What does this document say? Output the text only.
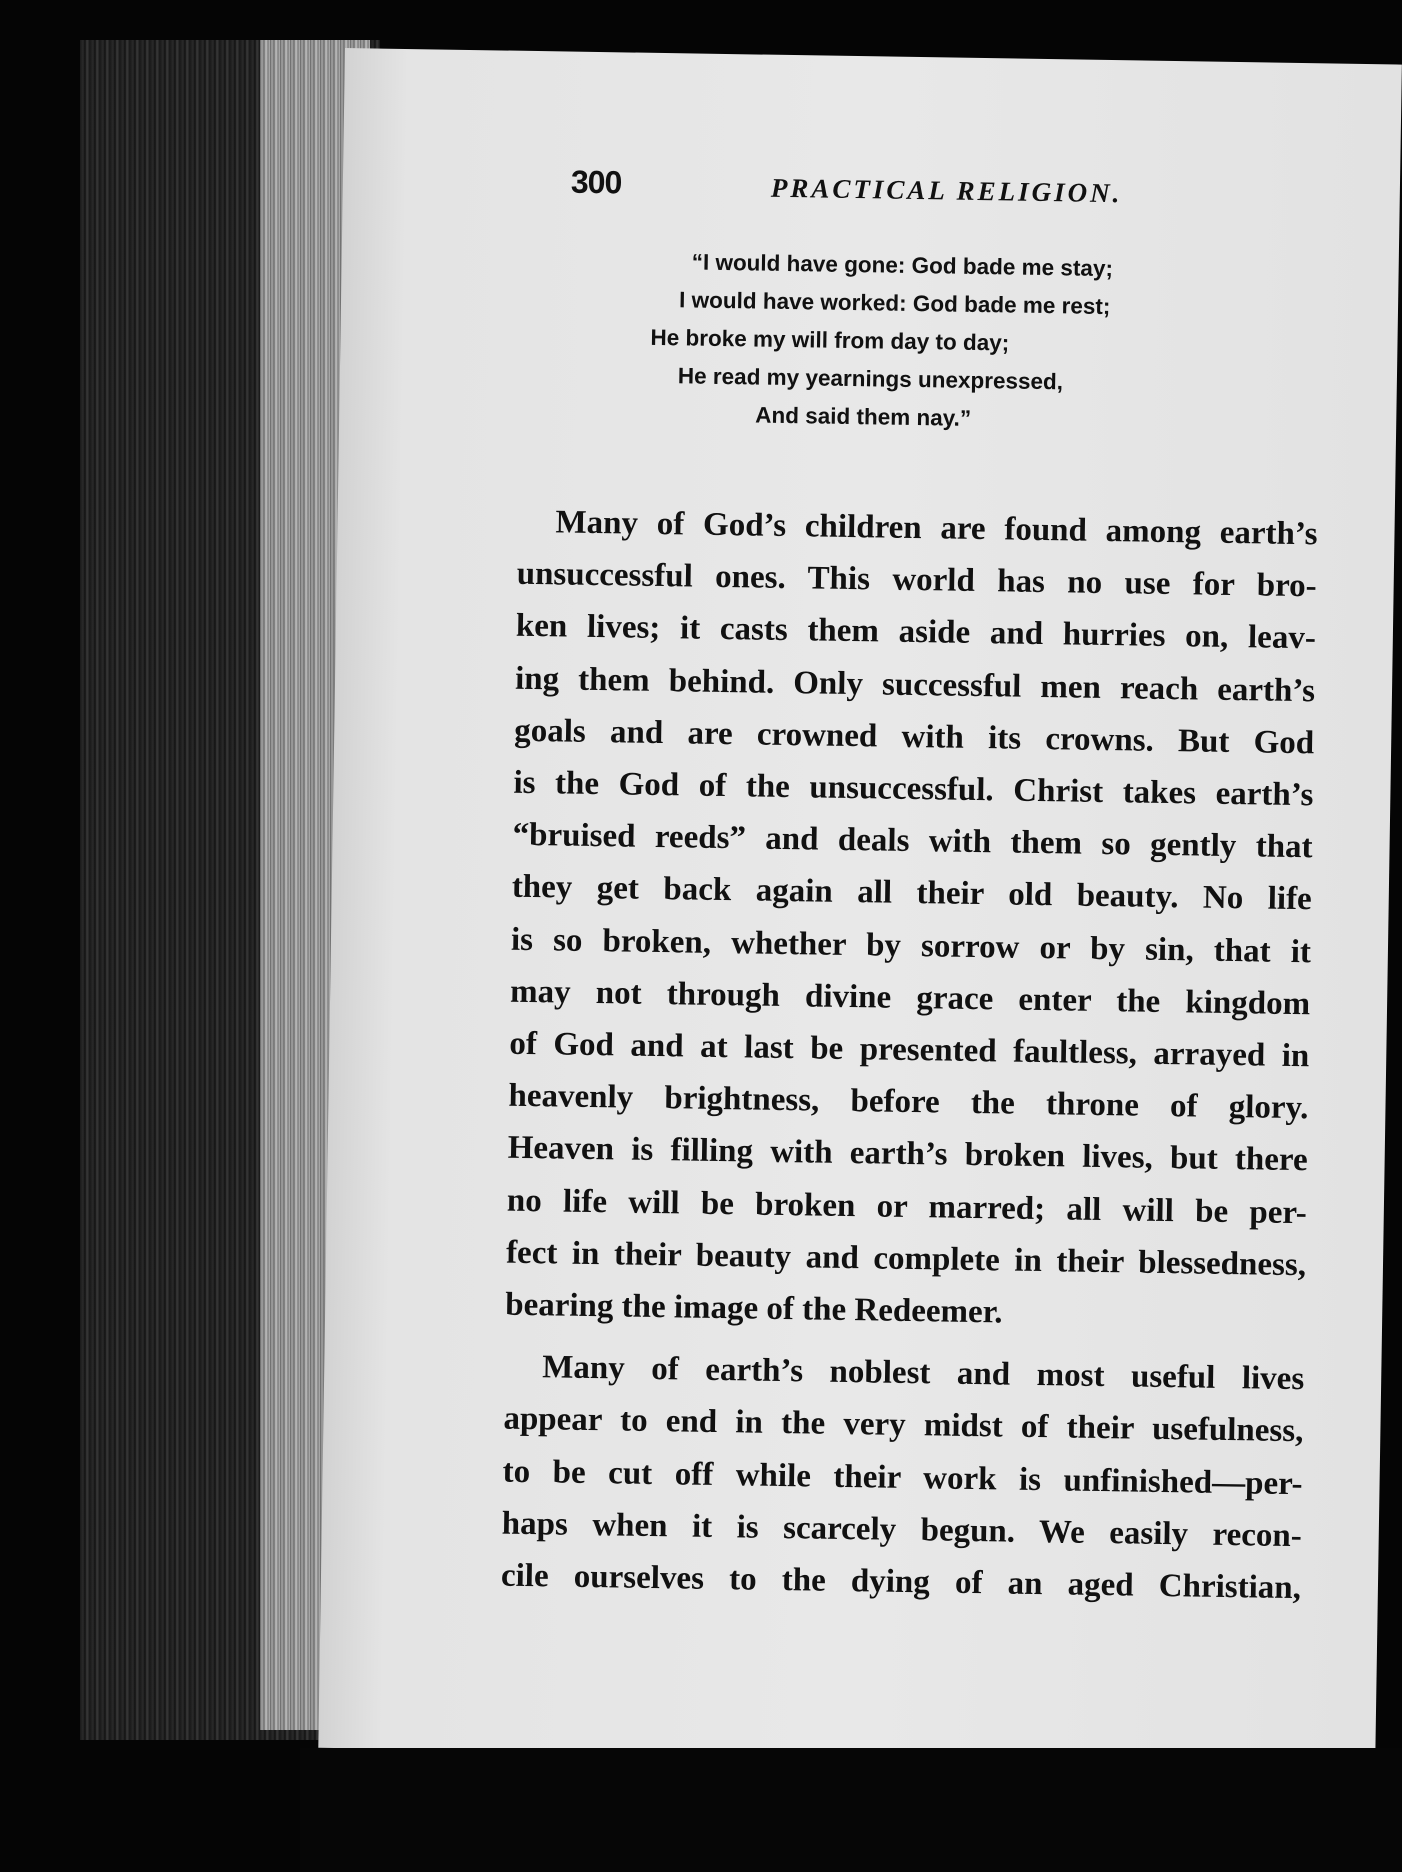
300	PRACTICAL RELIGION.
“I would have gone: God bade me stay;
I would have worked: God bade me rest;
He broke my will from day to day;
He read my yearnings unexpressed,
And said them nay.”
Many of God’s children are found among earth’s
unsuccessful ones. This world has no use for bro-
ken lives; it casts them aside and hurries on, leav-
ing them behind. Only successful men reach earth’s
goals and are crowned with its crowns. But God
is the God of the unsuccessful. Christ takes earth’s
“bruised reeds” and deals with them so gently that
they get back again all their old beauty. No life
is so broken, whether by sorrow or by sin, that it
may not through divine grace enter the kingdom
of God and at last be presented faultless, arrayed in
heavenly brightness, before the throne of glory.
Heaven is filling with earth’s broken lives, but there
no life will be broken or marred; all will be per-
fect in their beauty and complete in their blessedness,
bearing the image of the Redeemer.
Many of earth’s noblest and most useful lives
appear to end in the very midst of their usefulness,
to be cut off while their work is unfinished—per-
haps when it is scarcely begun. We easily recon-
cile ourselves to the dying of an aged Christian,
